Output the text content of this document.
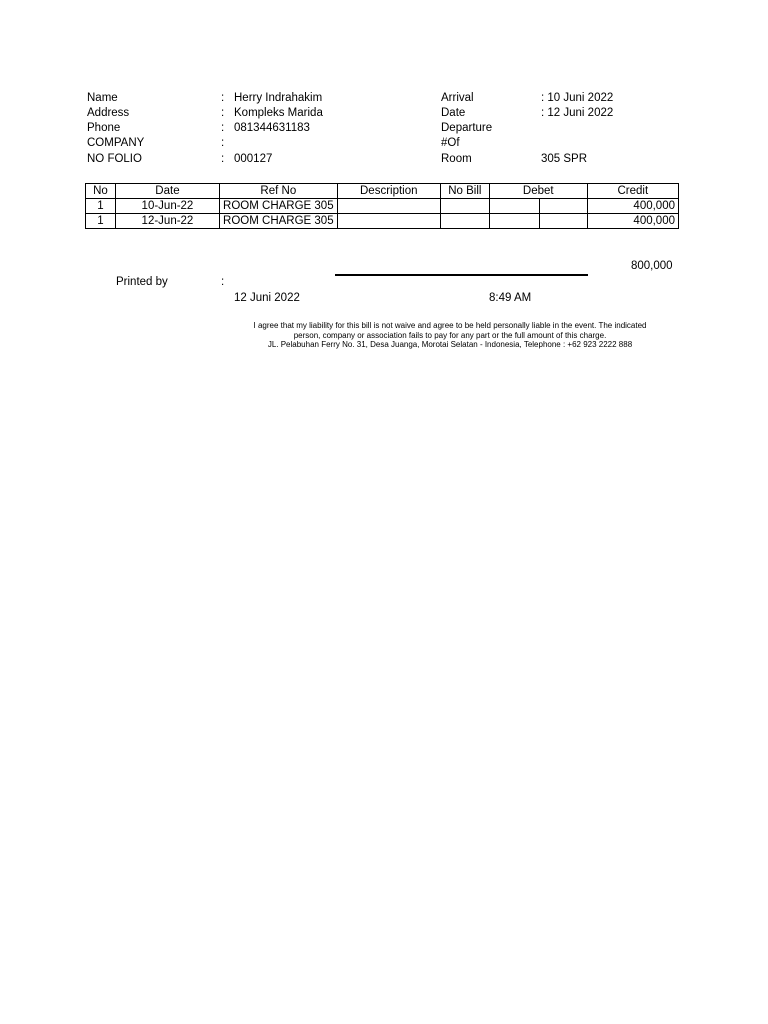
Name	: Herry Indrahakim
Address	: Kompleks Marida
Phone	: 081344631183
COMPANY	:
NO FOLIO	: 000127
Arrival	: 10 Juni 2022
Date	: 12 Juni 2022
Departure
#Of
Room	305 SPR
No	Date	Ref No	Description	No Bill	Debet		Credit
1	10-Jun-22	ROOM CHARGE 305					400,000
1	12-Jun-22	ROOM CHARGE 305					400,000
800,000
Printed by	:
12 Juni 2022	8:49 AM
I agree that my liability for this bill is not waive and agree to be held personally liable in the event. The indicated
person, company or association fails to pay for any part or the full amount of this charge.
JL. Pelabuhan Ferry No. 31, Desa Juanga, Morotai Selatan - Indonesia, Telephone : +62 923 2222 888
